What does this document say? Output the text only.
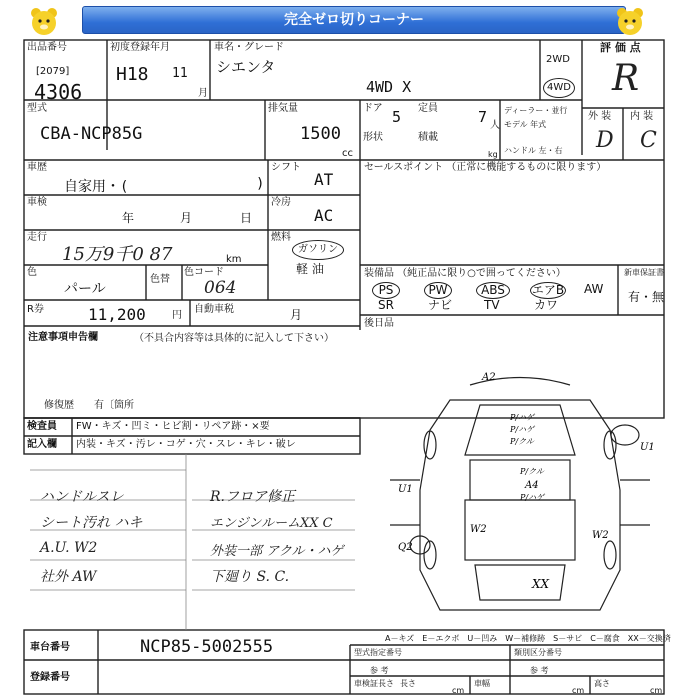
完全ゼロ切りコーナー
出品番号
[2079]
4306
初度登録年月
H18 11
月
車名・グレード
シエンタ
4WD X
2WD
4WD
評 価 点
R
外 装 内 装
D C
型式
CBA-NCP85G
排気量
1500
cc
ドア 5 定員	7 人
ディーラー・並行
形状	積載
kg
モデル 年式
ハンドル 左・右
車歴
自家用・(	)
シフト
AT
セールスポイント （正常に機能するものに限ります）
車検
年	月	日
冷房
AC
走行
15万9千0 87	km
燃料
ガソリン
軽 油
色
パール
色替
色コード
064
装備品 （純正品に限り○で囲ってください）
PS	PW	ABS	エアB AW
SR	ナビ	TV	カワ
新車保証書
有・無
R券	11,200	円
自動車税	月
後日品
注意事項申告欄	（不具合内容等は具体的に記入して下さい）
修復歴　　有〔箇所
検査員
記入欄
FW・キズ・凹ミ・ヒビ割・リペア跡・×要
内装・キズ・汚レ・コゲ・穴・スレ・キレ・破レ
ハンドルスレ
シート汚れ ハキ
A.U. W2
社外 AW
R.フロア修正
エンジンルームXX C
外装一部 アクル・ハゲ
下廻り S. C.
A2
P/ハゲ
P/ハゲ
P/クル
U1
U1
P/クル
A4
P/ハゲ
W2
W2
Q2
XX
車台番号	NCP85-5002555
登録番号
A－キズ　E－エクボ　U－凹み　W－補修跡　S－サビ　C－腐食　XX－交換済
型式指定番号
参 考
類別区分番号
参 考
車検証長さ 長さ	車幅	高さ
cm	cm	cm
